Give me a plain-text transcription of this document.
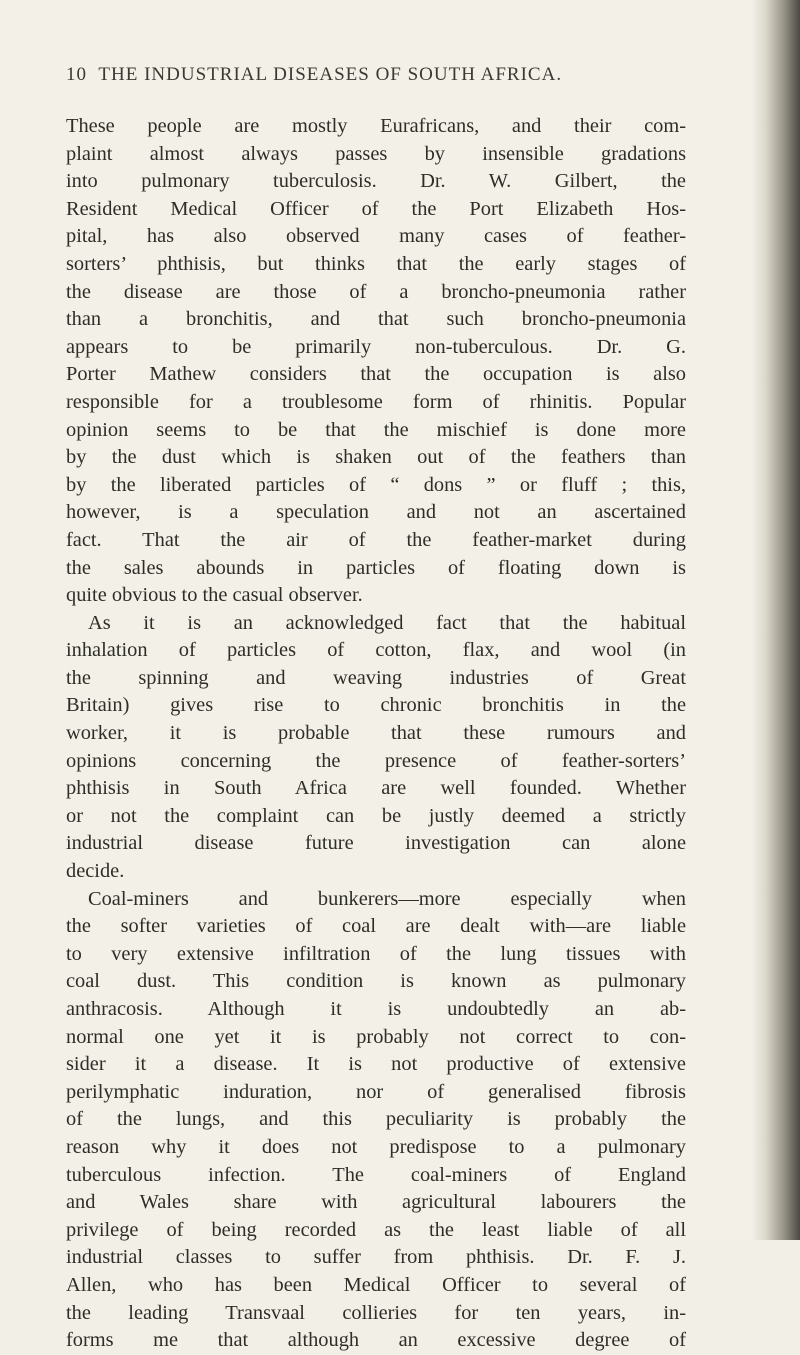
10 THE INDUSTRIAL DISEASES OF SOUTH AFRICA.
These people are mostly Eurafricans, and their com-
plaint almost always passes by insensible gradations
into pulmonary tuberculosis. Dr. W. Gilbert, the
Resident Medical Officer of the Port Elizabeth Hos-
pital, has also observed many cases of feather-
sorters’ phthisis, but thinks that the early stages of
the disease are those of a broncho-pneumonia rather
than a bronchitis, and that such broncho-pneumonia
appears to be primarily non-tuberculous. Dr. G.
Porter Mathew considers that the occupation is also
responsible for a troublesome form of rhinitis. Popular
opinion seems to be that the mischief is done more
by the dust which is shaken out of the feathers than
by the liberated particles of “ dons ” or fluff ; this,
however, is a speculation and not an ascertained
fact. That the air of the feather-market during
the sales abounds in particles of floating down is
quite obvious to the casual observer.
As it is an acknowledged fact that the habitual
inhalation of particles of cotton, flax, and wool (in
the spinning and weaving industries of Great
Britain) gives rise to chronic bronchitis in the
worker, it is probable that these rumours and
opinions concerning the presence of feather-sorters’
phthisis in South Africa are well founded. Whether
or not the complaint can be justly deemed a strictly
industrial disease future investigation can alone
decide.
Coal-miners and bunkerers—more especially when
the softer varieties of coal are dealt with—are liable
to very extensive infiltration of the lung tissues with
coal dust. This condition is known as pulmonary
anthracosis. Although it is undoubtedly an ab-
normal one yet it is probably not correct to con-
sider it a disease. It is not productive of extensive
perilymphatic induration, nor of generalised fibrosis
of the lungs, and this peculiarity is probably the
reason why it does not predispose to a pulmonary
tuberculous infection. The coal-miners of England
and Wales share with agricultural labourers the
privilege of being recorded as the least liable of all
industrial classes to suffer from phthisis. Dr. F. J.
Allen, who has been Medical Officer to several of
the leading Transvaal collieries for ten years, in-
forms me that although an excessive degree of
